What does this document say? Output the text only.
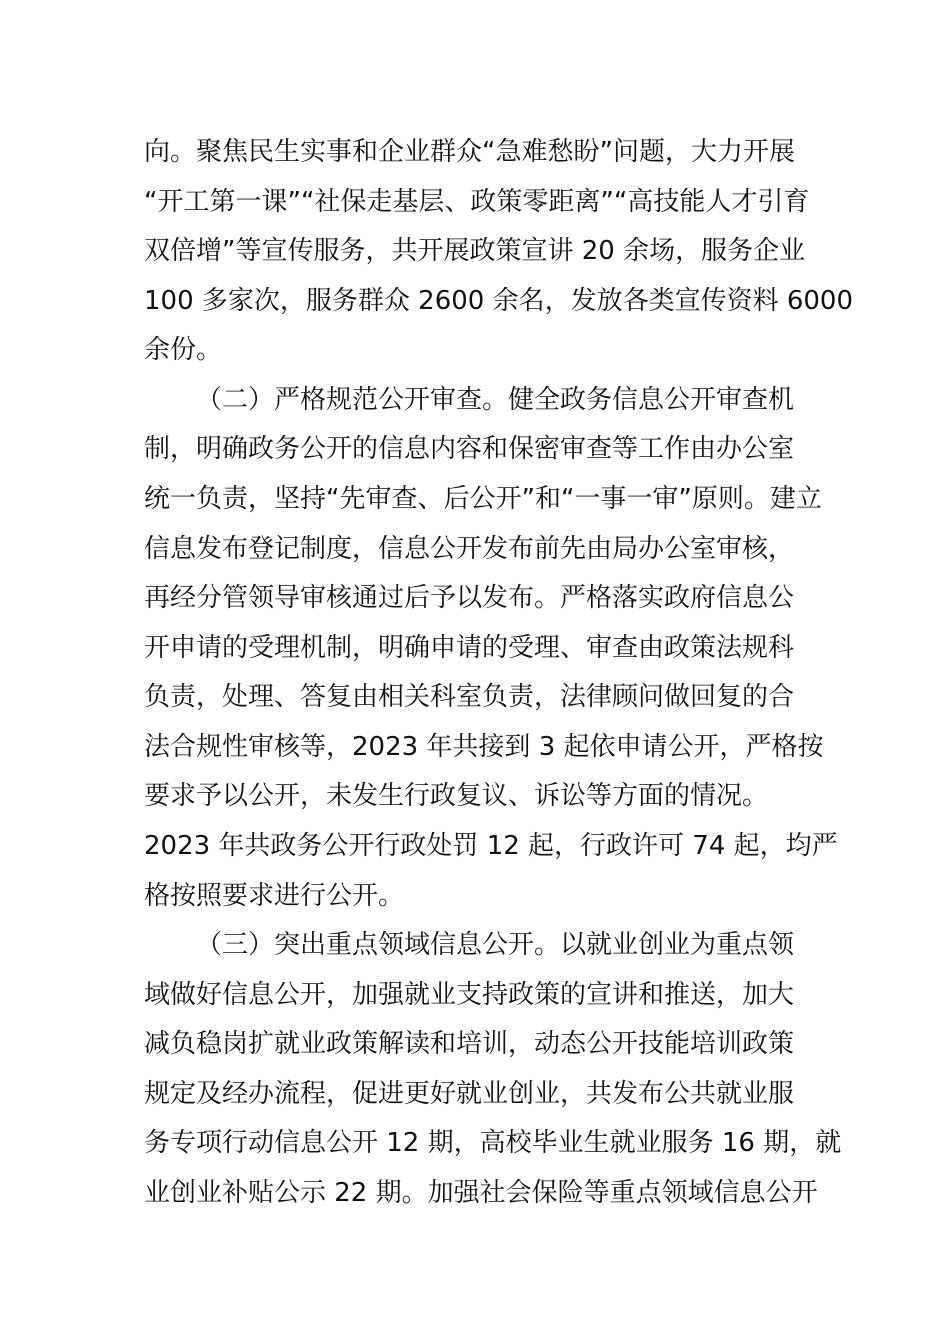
向。聚焦民生实事和企业群众“急难愁盼”问题，大力开展
“开工第一课”“社保走基层、政策零距离”“高技能人才引育
双倍增”等宣传服务，共开展政策宣讲 20 余场，服务企业
100 多家次，服务群众 2600 余名，发放各类宣传资料 6000
余份。
（二）严格规范公开审查。健全政务信息公开审查机
制，明确政务公开的信息内容和保密审查等工作由办公室
统一负责，坚持“先审查、后公开”和“一事一审”原则。建立
信息发布登记制度，信息公开发布前先由局办公室审核，
再经分管领导审核通过后予以发布。严格落实政府信息公
开申请的受理机制，明确申请的受理、审查由政策法规科
负责，处理、答复由相关科室负责，法律顾问做回复的合
法合规性审核等，2023 年共接到 3 起依申请公开，严格按
要求予以公开，未发生行政复议、诉讼等方面的情况。
2023 年共政务公开行政处罚 12 起，行政许可 74 起，均严
格按照要求进行公开。
（三）突出重点领域信息公开。以就业创业为重点领
域做好信息公开，加强就业支持政策的宣讲和推送，加大
减负稳岗扩就业政策解读和培训，动态公开技能培训政策
规定及经办流程，促进更好就业创业，共发布公共就业服
务专项行动信息公开 12 期，高校毕业生就业服务 16 期，就
业创业补贴公示 22 期。加强社会保险等重点领域信息公开
